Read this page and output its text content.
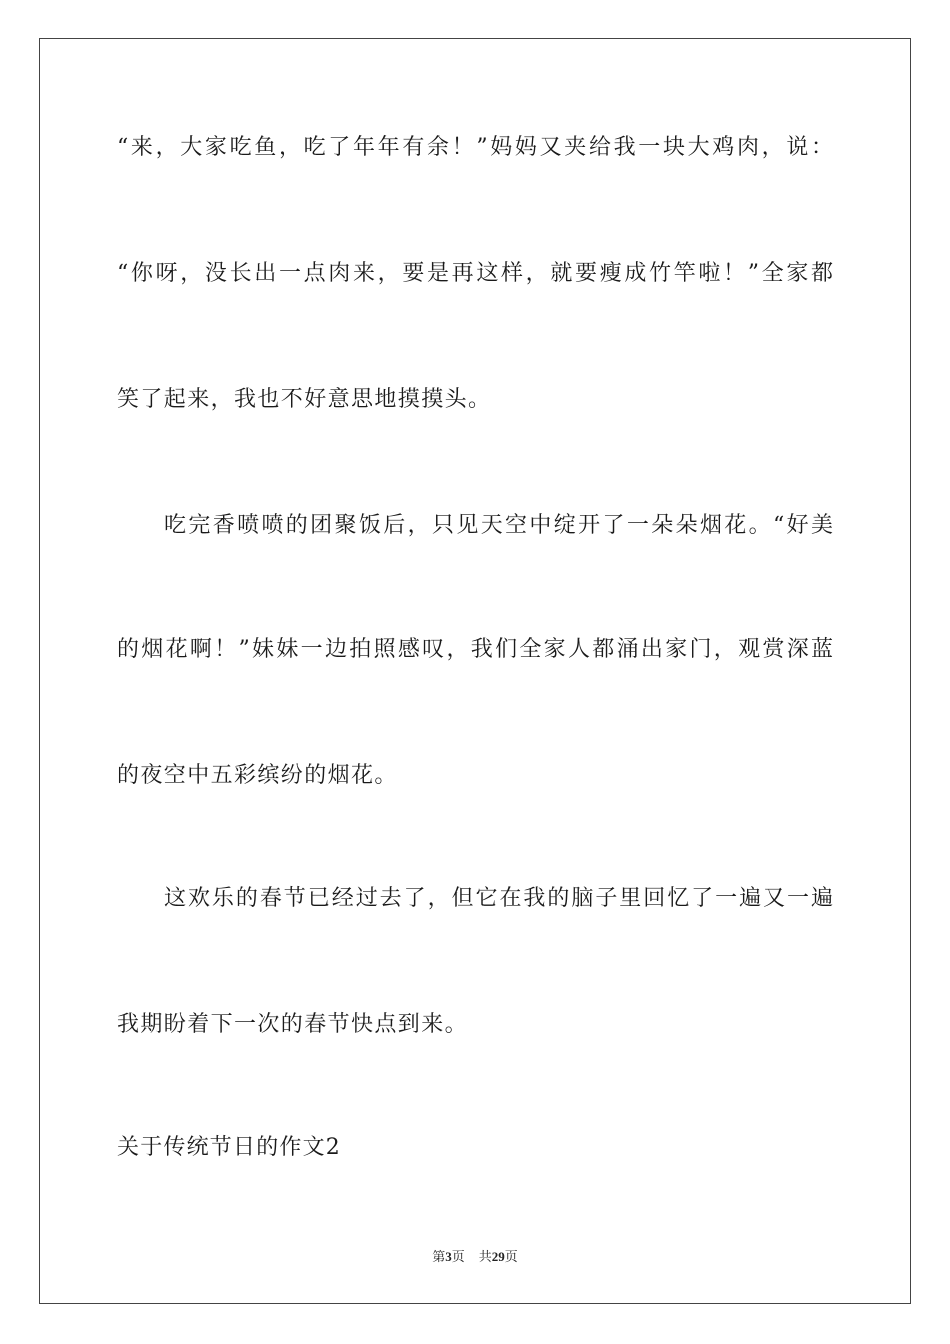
“来，大家吃鱼，吃了年年有余！”妈妈又夹给我一块大鸡肉，说：
“你呀，没长出一点肉来，要是再这样，就要瘦成竹竿啦！”全家都
笑了起来，我也不好意思地摸摸头。
吃完香喷喷的团聚饭后，只见天空中绽开了一朵朵烟花。“好美
的烟花啊！”妹妹一边拍照感叹，我们全家人都涌出家门，观赏深蓝
的夜空中五彩缤纷的烟花。
这欢乐的春节已经过去了，但它在我的脑子里回忆了一遍又一遍
我期盼着下一次的春节快点到来。
关于传统节日的作文2
第3页 共29页
